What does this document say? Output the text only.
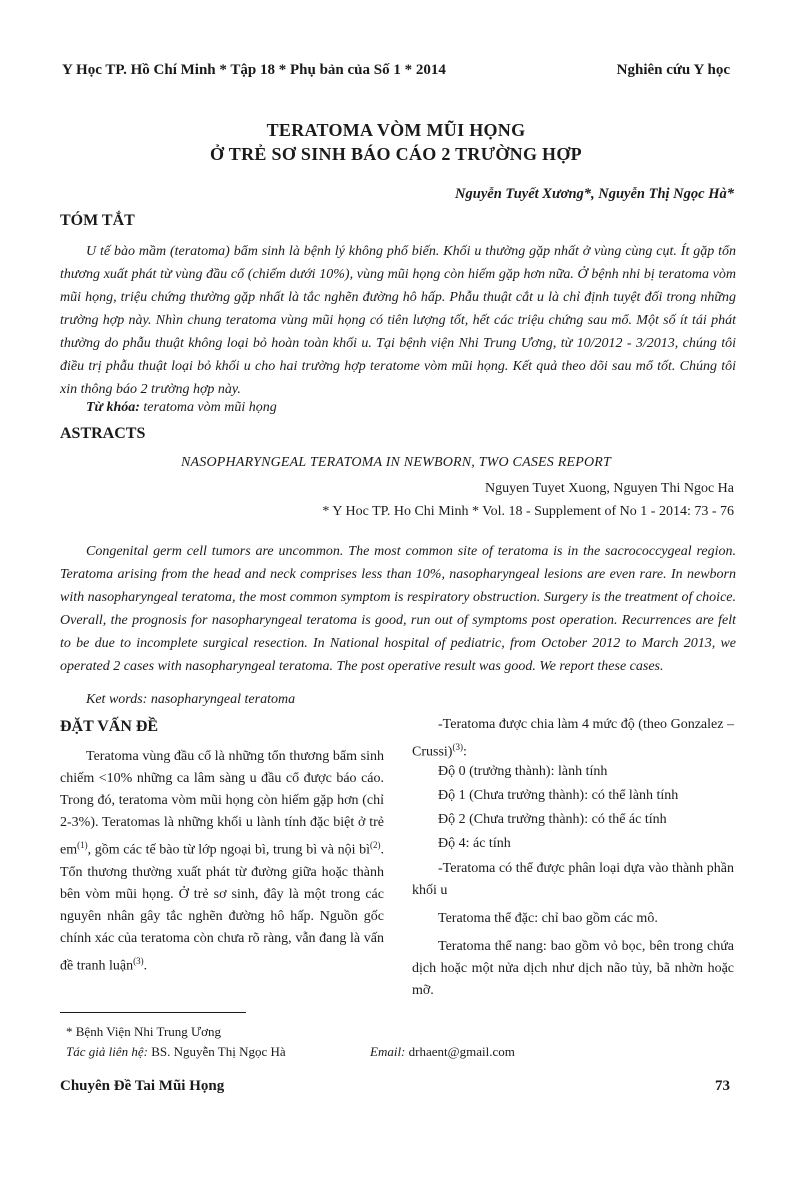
Y Học TP. Hồ Chí Minh * Tập 18 * Phụ bản của Số 1 * 2014	Nghiên cứu Y học
TERATOMA VÒM MŨI HỌNG
Ở TRẺ SƠ SINH BÁO CÁO 2 TRƯỜNG HỢP
Nguyễn Tuyết Xương*, Nguyễn Thị Ngọc Hà*
TÓM TẮT

U tế bào mầm (teratoma) bẩm sinh là bệnh lý không phổ biến. Khối u thường gặp nhất ở vùng cùng cụt. Ít gặp tổn thương xuất phát từ vùng đầu cổ (chiếm dưới 10%), vùng mũi họng còn hiếm gặp hơn nữa. Ở bệnh nhi bị teratoma vòm mũi họng, triệu chứng thường gặp nhất là tắc nghẽn đường hô hấp. Phẫu thuật cắt u là chỉ định tuyệt đối trong những trường hợp này. Nhìn chung teratoma vùng mũi họng có tiên lượng tốt, hết các triệu chứng sau mổ. Một số ít tái phát thường do phẫu thuật không loại bỏ hoàn toàn khối u. Tại bệnh viện Nhi Trung Ương, từ 10/2012 - 3/2013, chúng tôi điều trị phẫu thuật loại bỏ khối u cho hai trường hợp teratome vòm mũi họng. Kết quả theo dõi sau mổ tốt. Chúng tôi xin thông báo 2 trường hợp này.

Từ khóa: teratoma vòm mũi họng
ASTRACTS
NASOPHARYNGEAL TERATOMA IN NEWBORN, TWO CASES REPORT
Nguyen Tuyet Xuong, Nguyen Thi Ngoc Ha
* Y Hoc TP. Ho Chi Minh * Vol. 18 - Supplement of No 1 - 2014: 73 - 76

Congenital germ cell tumors are uncommon. The most common site of teratoma is in the sacrococcygeal region. Teratoma arising from the head and neck comprises less than 10%, nasopharyngeal lesions are even rare. In newborn with nasopharyngeal teratoma, the most common symptom is respiratory obstruction. Surgery is the treatment of choice. Overall, the prognosis for nasopharyngeal teratoma is good, run out of symptoms post operation. Recurrences are felt to be due to incomplete surgical resection. In National hospital of pediatric, from October 2012 to March 2013, we operated 2 cases with nasopharyngeal teratoma. The post operative result was good. We report these cases.

Ket words: nasopharyngeal teratoma
ĐẶT VẤN ĐỀ

Teratoma vùng đầu cổ là những tổn thương bẩm sinh chiếm <10% những ca lâm sàng u đầu cổ được báo cáo. Trong đó, teratoma vòm mũi họng còn hiếm gặp hơn (chỉ 2-3%). Teratomas là những khối u lành tính đặc biệt ở trẻ $em^{(1)}$, gồm các tế bào từ lớp ngoại bì, trung bì và nội $bì^{(2)}$. Tổn thương thường xuất phát từ đường giữa hoặc thành bên vòm mũi họng. Ở trẻ sơ sinh, đây là một trong các nguyên nhân gây tắc nghẽn đường hô hấp. Nguồn gốc chính xác của teratoma còn chưa rõ ràng, vẫn đang là vấn đề tranh luận$^{(3)}$.

-Teratoma được chia làm 4 mức độ (theo Gonzalez – Crussi)$^{(3)}$:

Độ 0 (trưởng thành): lành tính
Độ 1 (Chưa trưởng thành): có thể lành tính
Độ 2 (Chưa trưởng thành): có thể ác tính
Độ 4: ác tính

-Teratoma có thể được phân loại dựa vào thành phần khối u

Teratoma thể đặc: chỉ bao gồm các mô.

Teratoma thể nang: bao gồm vỏ bọc, bên trong chứa dịch hoặc một nửa dịch như dịch não tủy, bã nhờn hoặc mỡ.

* Bệnh Viện Nhi Trung Ương
Tác giả liên hệ: BS. Nguyễn Thị Ngọc Hà	Email: drhaent@gmail.com
Chuyên Đề Tai Mũi Họng	73
